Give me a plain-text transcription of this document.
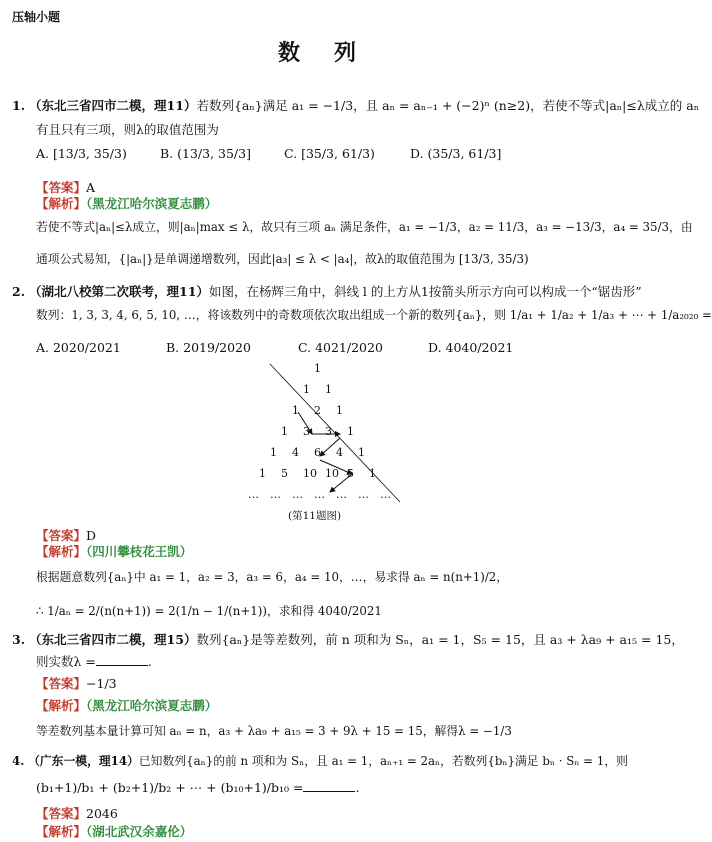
压轴小题
数　列
1. （东北三省四市二模，理11）若数列{aₙ}满足 a₁ = −1/3，且 aₙ = aₙ₋₁ + (−2)ⁿ (n≥2)，若使不等式|aₙ|≤λ成立的 aₙ
有且只有三项，则λ的取值范围为
A. [13/3, 35/3)	B. (13/3, 35/3]	C. [35/3, 61/3)	D. (35/3, 61/3]
【答案】A
【解析】（黑龙江哈尔滨夏志鹏）
若使不等式|aₙ|≤λ成立，则|aₙ|max ≤ λ，故只有三项 aₙ 满足条件，a₁ = −1/3，a₂ = 11/3，a₃ = −13/3，a₄ = 35/3，由
通项公式易知，{|aₙ|}是单调递增数列，因此|a₃| ≤ λ < |a₄|，故λ的取值范围为 [13/3, 35/3)
2. （湖北八校第二次联考，理11）如图，在杨辉三角中，斜线 l 的上方从1按箭头所示方向可以构成一个“锯齿形”
数列：1, 3, 3, 4, 6, 5, 10, …，将该数列中的奇数项依次取出组成一个新的数列{aₙ}，则 1/a₁ + 1/a₂ + 1/a₃ + ⋯ + 1/a₂₀₂₀ =
A. 2020/2021	B. 2019/2020	C. 4021/2020	D. 4040/2021
1
1 1
1 2 1
1 3 3 1
1 4 6 4 1
1 5 10 10 5 1
… … … … … … …
(第11题图)
【答案】D
【解析】（四川攀枝花王凯）
根据题意数列{aₙ}中 a₁ = 1，a₂ = 3，a₃ = 6，a₄ = 10，…，易求得 aₙ = n(n+1)/2，
∴ 1/aₙ = 2/(n(n+1)) = 2(1/n − 1/(n+1))，求和得 4040/2021
3. （东北三省四市二模，理15）数列{aₙ}是等差数列，前 n 项和为 Sₙ，a₁ = 1，S₅ = 15，且 a₃ + λa₉ + a₁₅ = 15，
则实数λ =	.
【答案】−1/3
【解析】（黑龙江哈尔滨夏志鹏）
等差数列基本量计算可知 aₙ = n，a₃ + λa₉ + a₁₅ = 3 + 9λ + 15 = 15，解得λ = −1/3
4. （广东一模，理14）已知数列{aₙ}的前 n 项和为 Sₙ，且 a₁ = 1，aₙ₊₁ = 2aₙ，若数列{bₙ}满足 bₙ · Sₙ = 1，则
(b₁+1)/b₁ + (b₂+1)/b₂ + ⋯ + (b₁₀+1)/b₁₀ =	.
【答案】2046
【解析】（湖北武汉余嘉伦）
